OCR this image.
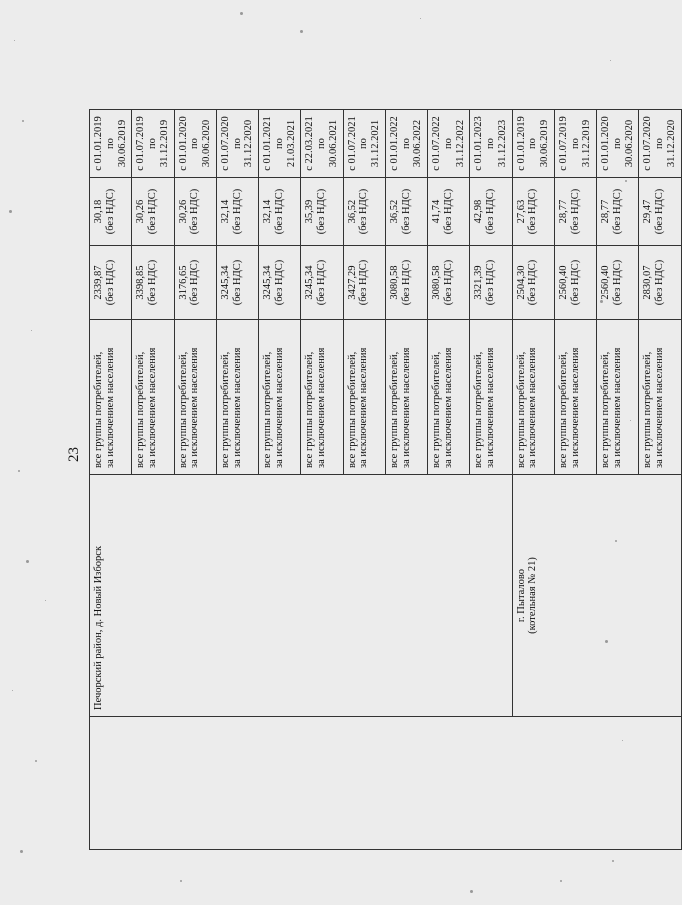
23
	Печорский район, д. Новый Изборск	все группы потребителей, за исключением населения	2339,87 (без НДС)	30,18 (без НДС)	с 01.01.2019 по 30.06.2019

		все группы потребителей, за исключением населения	3398,85 (без НДС)	30,26 (без НДС)	с 01.07.2019 по 31.12.2019

		все группы потребителей, за исключением населения	3176,65 (без НДС)	30,26 (без НДС)	с 01.01.2020 по 30.06.2020

		все группы потребителей, за исключением населения	3245,34 (без НДС)	32,14 (без НДС)	с 01.07.2020 по 31.12.2020

		все группы потребителей, за исключением населения	3245,34 (без НДС)	32,14 (без НДС)	с 01.01.2021 по 21.03.2021

		все группы потребителей, за исключением населения	3245,34 (без НДС)	35,39 (без НДС)	с 22.03.2021 по 30.06.2021

		все группы потребителей, за исключением населения	3427,29 (без НДС)	36,52 (без НДС)	с 01.07.2021 по 31.12.2021

		все группы потребителей, за исключением населения	3080,58 (без НДС)	36,52 (без НДС)	с 01.01.2022 по 30.06.2022

		все группы потребителей, за исключением населения	3080,58 (без НДС)	41,74 (без НДС)	с 01.07.2022 по 31.12.2022

		все группы потребителей, за исключением населения	3321,39 (без НДС)	42,98 (без НДС)	с 01.01.2023 по 31.12.2023

	г. Пыталово (котельная № 21)	все группы потребителей, за исключением населения	2504,30 (без НДС)	27,63 (без НДС)	с 01.01.2019 по 30.06.2019

		все группы потребителей, за исключением населения	2560,40 (без НДС)	28,77 (без НДС)	с 01.07.2019 по 31.12.2019

		все группы потребителей, за исключением населения	2560,40 (без НДС)	28,77 (без НДС)	с 01.01.2020 по 30.06.2020

		все группы потребителей, за исключением населения	2830,07 (без НДС)	29,47 (без НДС)	с 01.07.2020 по 31.12.2020
